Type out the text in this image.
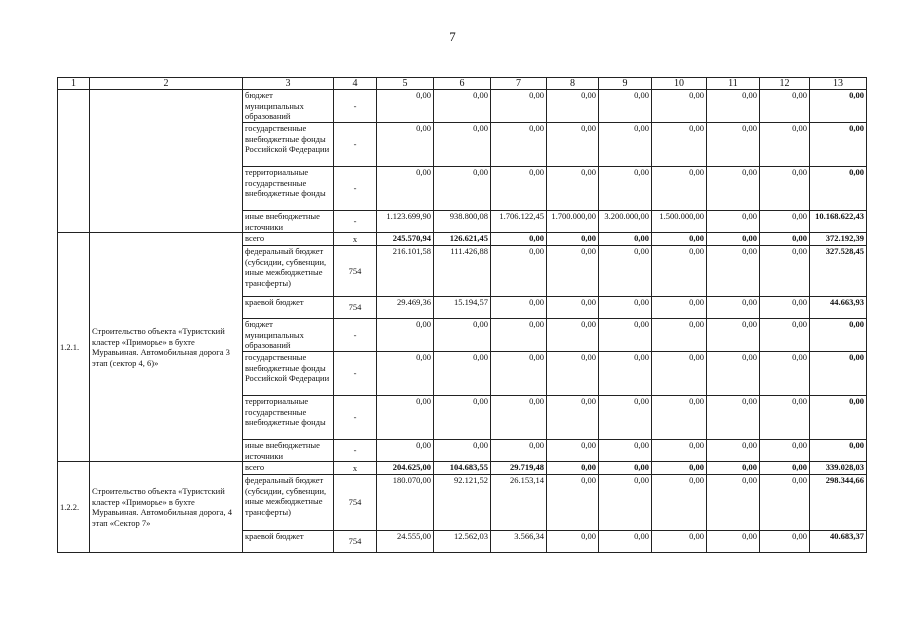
7
1	2	3	4	5	6	7	8	9	10	11	12	13
		бюджет муниципальных образований	-	0,00	0,00	0,00	0,00	0,00	0,00	0,00	0,00	0,00
		государственные внебюджетные фонды Российской Федерации	-	0,00	0,00	0,00	0,00	0,00	0,00	0,00	0,00	0,00
		территориальные государственные внебюджетные фонды	-	0,00	0,00	0,00	0,00	0,00	0,00	0,00	0,00	0,00
		иные внебюджетные источники	-	1.123.699,90	938.800,08	1.706.122,45	1.700.000,00	3.200.000,00	1.500.000,00	0,00	0,00	10.168.622,43
1.2.1.	Строительство объекта «Туристский кластер «Приморье» в бухте Муравьиная. Автомобильная дорога 3 этап (сектор 4, 6)»	всего	х	245.570,94	126.621,45	0,00	0,00	0,00	0,00	0,00	0,00	372.192,39
		федеральный бюджет (субсидии, субвенции, иные межбюджетные трансферты)	754	216.101,58	111.426,88	0,00	0,00	0,00	0,00	0,00	0,00	327.528,45
		краевой бюджет	754	29.469,36	15.194,57	0,00	0,00	0,00	0,00	0,00	0,00	44.663,93
		бюджет муниципальных образований	-	0,00	0,00	0,00	0,00	0,00	0,00	0,00	0,00	0,00
		государственные внебюджетные фонды Российской Федерации	-	0,00	0,00	0,00	0,00	0,00	0,00	0,00	0,00	0,00
		территориальные государственные внебюджетные фонды	-	0,00	0,00	0,00	0,00	0,00	0,00	0,00	0,00	0,00
		иные внебюджетные источники	-	0,00	0,00	0,00	0,00	0,00	0,00	0,00	0,00	0,00
1.2.2.	Строительство объекта «Туристский кластер «Приморье» в бухте Муравьиная. Автомобильная дорога, 4 этап «Сектор 7»	всего	х	204.625,00	104.683,55	29.719,48	0,00	0,00	0,00	0,00	0,00	339.028,03
		федеральный бюджет (субсидии, субвенции, иные межбюджетные трансферты)	754	180.070,00	92.121,52	26.153,14	0,00	0,00	0,00	0,00	0,00	298.344,66
		краевой бюджет	754	24.555,00	12.562,03	3.566,34	0,00	0,00	0,00	0,00	0,00	40.683,37
